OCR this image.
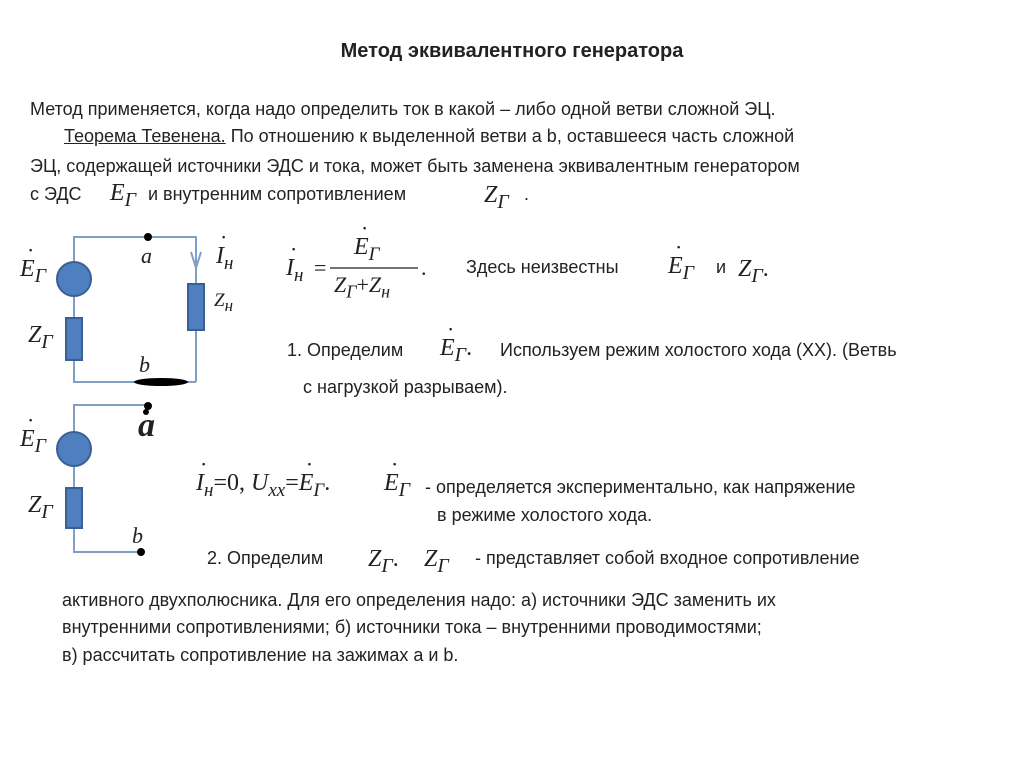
Метод эквивалентного генератора
Метод применяется, когда надо определить ток в какой – либо одной ветви сложной ЭЦ.
Теорема Тевенена. По отношению к выделенной ветви a b, оставшееся часть сложной
ЭЦ, содержащей источники ЭДС и тока, может быть заменена эквивалентным генератором
с ЭДС $E_Г$ и внутренним сопротивлением	$Z_Г$ .
˙ $E_Г$
$Z_Г$
a
b
˙ $I_н$
$Z_н$
˙ $E_Г$
$Z_Г$
a
b
˙ $I_н$ =
˙ $E_Г$
$Z_Г+Z_н$
. Здесь неизвестны ˙ $E_Г$ и $Z_Г$.
1. Определим ˙ $E_Г$. Используем режим холостого хода (ХХ). (Ветвь
с нагрузкой разрываем).
˙ $I_н=0$, $U_{xx}=˙$ $E_Г$. ˙ $E_Г$ - определяется экспериментально, как напряжение
в режиме холостого хода.
2. Определим $Z_Г$. $Z_Г$ - представляет собой входное сопротивление
активного двухполюсника. Для его определения надо: а) источники ЭДС заменить их
внутренними сопротивлениями; б) источники тока – внутренними проводимостями;
в) рассчитать сопротивление на зажимах a и b.
